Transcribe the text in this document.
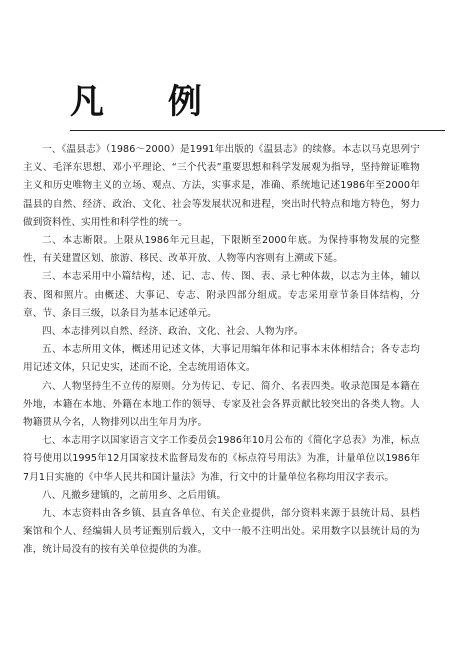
凡 例

一、《温县志》（1986～2000）是1991年出版的《温县志》的续修。本志以马克思列宁主义、毛泽东思想、邓小平理论、“三个代表”重要思想和科学发展观为指导，坚持辩证唯物主义和历史唯物主义的立场、观点、方法，实事求是，准确、系统地记述1986年至2000年温县的自然、经济、政治、文化、社会等发展状况和进程，突出时代特点和地方特色，努力做到资料性、实用性和科学性的统一。

二、本志断限。上限从1986年元旦起，下限断至2000年底。为保持事物发展的完整性，有关建置区划、旅游、移民、改革开放、人物等内容则有上溯或下延。

三、本志采用中小篇结构，述、记、志、传、图、表、录七种体裁，以志为主体，辅以表、图和照片。由概述、大事记、专志、附录四部分组成。专志采用章节条目体结构，分章、节、条目三级，以条目为基本记述单元。

四、本志排列以自然、经济、政治、文化、社会、人物为序。

五、本志所用文体，概述用记述文体，大事记用编年体和记事本末体相结合；各专志均用记述文体，只记史实，述而不论，全志统用语体文。

六、人物坚持生不立传的原则。分为传记、专记、简介、名表四类。收录范围是本籍在外地，本籍在本地、外籍在本地工作的领导、专家及社会各界贡献比较突出的各类人物。人物籍贯从今名，人物排列以出生年月为序。

七、本志用字以国家语言文字工作委员会1986年10月公布的《简化字总表》为准，标点符号使用以1995年12月国家技术监督局发布的《标点符号用法》为准，计量单位以1986年7月1日实施的《中华人民共和国计量法》为准，行文中的计量单位名称均用汉字表示。

八、凡撤乡建镇的，之前用乡、之后用镇。

九、本志资料由各乡镇、县直各单位、有关企业提供，部分资料来源于县统计局、县档案馆和个人、经编辑人员考证甄别后载入，文中一般不注明出处。采用数字以县统计局的为准，统计局没有的按有关单位提供的为准。
